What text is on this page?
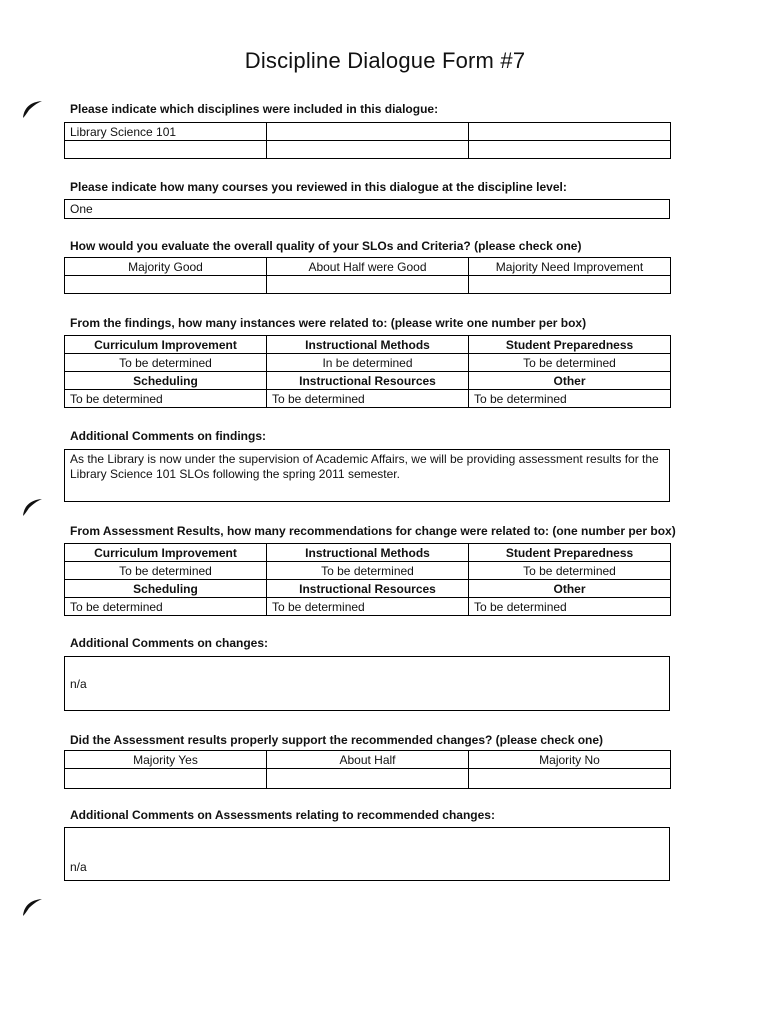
Discipline Dialogue Form #7
Please indicate which disciplines were included in this dialogue:
Library Science 101		

Please indicate how many courses you reviewed in this dialogue at the discipline level:
One
How would you evaluate the overall quality of your SLOs and Criteria? (please check one)
Majority Good	About Half were Good	Majority Need Improvement

From the findings, how many instances were related to: (please write one number per box)
Curriculum Improvement	Instructional Methods	Student Preparedness
To be determined	In be determined	To be determined
Scheduling	Instructional Resources	Other
To be determined	To be determined	To be determined
Additional Comments on findings:
As the Library is now under the supervision of Academic Affairs, we will be providing assessment results for the Library Science 101 SLOs following the spring 2011 semester.
From Assessment Results, how many recommendations for change were related to: (one number per box)
Curriculum Improvement	Instructional Methods	Student Preparedness
To be determined	To be determined	To be determined
Scheduling	Instructional Resources	Other
To be determined	To be determined	To be determined
Additional Comments on changes:
n/a
Did the Assessment results properly support the recommended changes? (please check one)
Majority Yes	About Half	Majority No

Additional Comments on Assessments relating to recommended changes:
n/a
